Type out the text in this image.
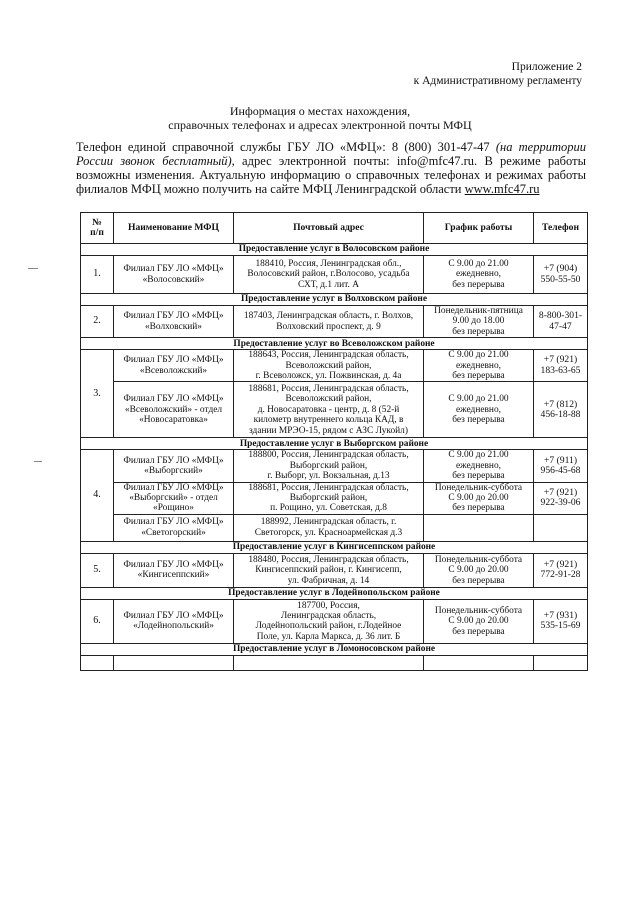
Приложение 2
к Административному регламенту
Информация о местах нахождения,
справочных телефонах и адресах электронной почты МФЦ
Телефон единой справочной службы ГБУ ЛО «МФЦ»: 8 (800) 301-47-47 (на территории России звонок бесплатный), адрес электронной почты: info@mfc47.ru. В режиме работы возможны изменения. Актуальную информацию о справочных телефонах и режимах работы филиалов МФЦ можно получить на сайте МФЦ Ленинградской области www.mfc47.ru
№
п/п	Наименование МФЦ	Почтовый адрес	График работы	Телефон
Предоставление услуг в Волосовском районе				
1.	Филиал ГБУ ЛО «МФЦ»
«Волосовский»	188410, Россия, Ленинградская обл.,
Волосовский район, г.Волосово, усадьба
СХТ, д.1 лит. А	С 9.00 до 21.00
ежедневно,
без перерыва	+7 (904)
550-55-50
Предоставление услуг в Волховском районе				
2.	Филиал ГБУ ЛО «МФЦ»
«Волховский»	187403, Ленинградская область, г. Волхов,
Волховский проспект, д. 9	Понедельник-пятница
9.00 до 18.00
без перерыва	8-800-301-47-47
Предоставление услуг во Всеволожском районе				
3.	Филиал ГБУ ЛО «МФЦ»
«Всеволожский»	188643, Россия, Ленинградская область,
Всеволожский район,
г. Всеволожск, ул. Пожвинская, д. 4а	С 9.00 до 21.00
ежедневно,
без перерыва	+7 (921)
183-63-65
	Филиал ГБУ ЛО «МФЦ»
«Всеволожский» - отдел
«Новосаратовка»	188681, Россия, Ленинградская область,
Всеволожский район,
д. Новосаратовка - центр, д. 8 (52-й
километр внутреннего кольца КАД, в
здании МРЭО-15, рядом с АЗС Лукойл)	С 9.00 до 21.00
ежедневно,
без перерыва	+7 (812)
456-18-88
Предоставление услуг в Выборгском районе				
4.	Филиал ГБУ ЛО «МФЦ»
«Выборгский»	188800, Россия, Ленинградская область,
Выборгский район,
г. Выборг, ул. Вокзальная, д.13	С 9.00 до 21.00
ежедневно,
без перерыва	+7 (911)
956-45-68
	Филиал ГБУ ЛО «МФЦ»
«Выборгский» - отдел
«Рощино»	188681, Россия, Ленинградская область,
Выборгский район,
п. Рощино, ул. Советская, д.8	Понедельник-суббота
С 9.00 до 20.00
без перерыва	+7 (921)
922-39-06
	Филиал ГБУ ЛО «МФЦ»
«Светогорский»	188992, Ленинградская область, г.
Светогорск, ул. Красноармейская д.3		
Предоставление услуг в Кингисеппском районе				
5.	Филиал ГБУ ЛО «МФЦ»
«Кингисеппский»	188480, Россия, Ленинградская область,
Кингисеппский район, г. Кингисепп,
ул. Фабричная, д. 14	Понедельник-суббота
С 9.00 до 20.00
без перерыва	+7 (921)
772-91-28
Предоставление услуг в Лодейнопольском районе				
6.	Филиал ГБУ ЛО «МФЦ»
«Лодейнопольский»	187700, Россия,
Ленинградская область,
Лодейнопольский район, г.Лодейное
Поле, ул. Карла Маркса, д. 36 лит. Б	Понедельник-суббота
С 9.00 до 20.00
без перерыва	+7 (931)
535-15-69
Предоставление услуг в Ломоносовском районе				
